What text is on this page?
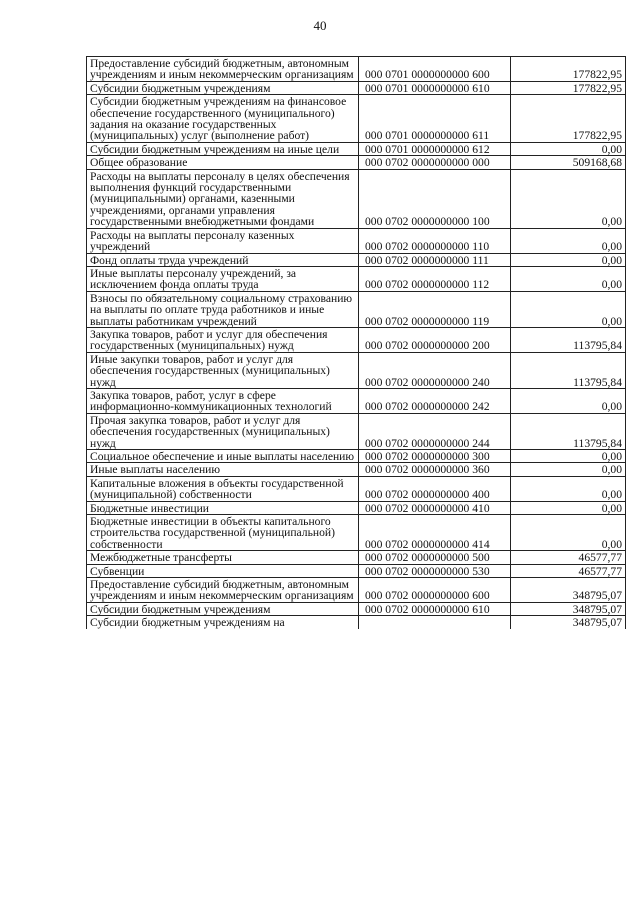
40
Предоставление субсидий бюджетным, автономным учреждениям и иным некоммерческим организациям	000 0701 0000000000 600	177822,95
Субсидии бюджетным учреждениям	000 0701 0000000000 610	177822,95
Субсидии бюджетным учреждениям на финансовое обеспечение государственного (муниципального) задания на оказание государственных (муниципальных) услуг (выполнение работ)	000 0701 0000000000 611	177822,95
Субсидии бюджетным учреждениям на иные цели	000 0701 0000000000 612	0,00
Общее образование	000 0702 0000000000 000	509168,68
Расходы на выплаты персоналу в целях обеспечения выполнения функций государственными (муниципальными) органами, казенными учреждениями, органами управления государственными внебюджетными фондами	000 0702 0000000000 100	0,00
Расходы на выплаты персоналу казенных учреждений	000 0702 0000000000 110	0,00
Фонд оплаты труда учреждений	000 0702 0000000000 111	0,00
Иные выплаты персоналу учреждений, за исключением фонда оплаты труда	000 0702 0000000000 112	0,00
Взносы по обязательному социальному страхованию на выплаты по оплате труда работников и иные выплаты работникам учреждений	000 0702 0000000000 119	0,00
Закупка товаров, работ и услуг для обеспечения государственных (муниципальных) нужд	000 0702 0000000000 200	113795,84
Иные закупки товаров, работ и услуг для обеспечения государственных (муниципальных) нужд	000 0702 0000000000 240	113795,84
Закупка товаров, работ, услуг в сфере информационно-коммуникационных технологий	000 0702 0000000000 242	0,00
Прочая закупка товаров, работ и услуг для обеспечения государственных (муниципальных) нужд	000 0702 0000000000 244	113795,84
Социальное обеспечение и иные выплаты населению	000 0702 0000000000 300	0,00
Иные выплаты населению	000 0702 0000000000 360	0,00
Капитальные вложения в объекты государственной (муниципальной) собственности	000 0702 0000000000 400	0,00
Бюджетные инвестиции	000 0702 0000000000 410	0,00
Бюджетные инвестиции в объекты капитального строительства государственной (муниципальной) собственности	000 0702 0000000000 414	0,00
Межбюджетные трансферты	000 0702 0000000000 500	46577,77
Субвенции	000 0702 0000000000 530	46577,77
Предоставление субсидий бюджетным, автономным учреждениям и иным некоммерческим организациям	000 0702 0000000000 600	348795,07
Субсидии бюджетным учреждениям	000 0702 0000000000 610	348795,07
Субсидии бюджетным учреждениям на		348795,07
